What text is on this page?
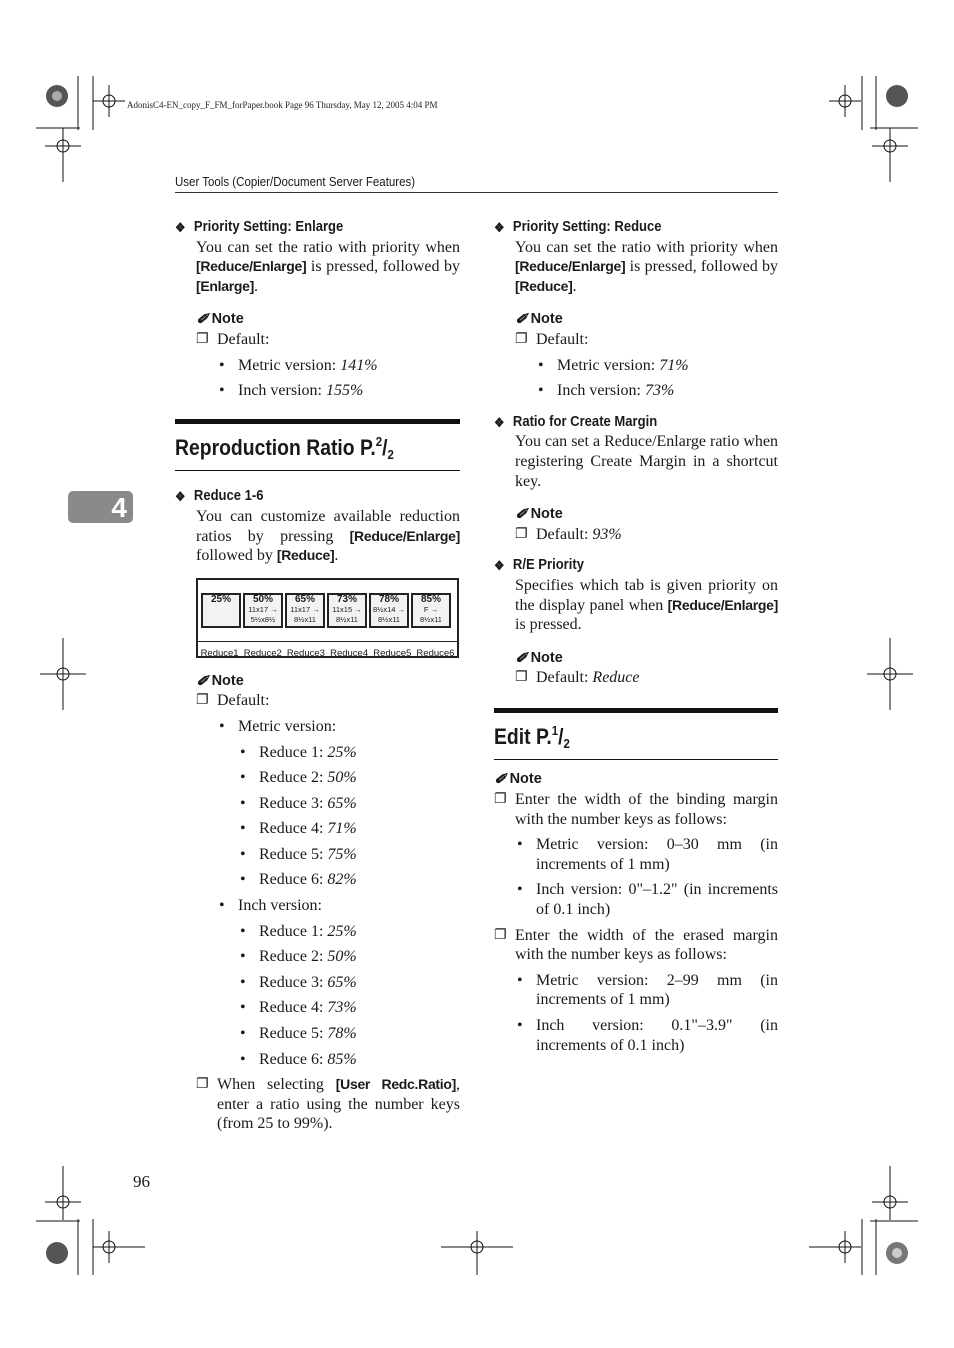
AdonisC4-EN_copy_F_FM_forPaper.book Page 96 Thursday, May 12, 2005 4:04 PM
User Tools (Copier/Document Server Features)
4
❖ Priority Setting: Enlarge
You can set the ratio with priority when [Reduce/Enlarge] is pressed, followed by [Enlarge].
✐ Note
❐ Default:
• Metric version: 141%
• Inch version: 155%
Reproduction Ratio $P.^2/_2$
❖ Reduce 1-6
You can customize available reduction ratios by pressing [Reduce/Enlarge] followed by [Reduce].
25%	50%
11x17 → 5½x8½
65%
11x17 → 8½x11
73%
11x15 → 8½x11
78%
8½x14 → 8½x11
85%
F → 8½x11
Reduce1 Reduce2 Reduce3 Reduce4 Reduce5 Reduce6
✐ Note
❐ Default:
• Metric version:
• Reduce 1: 25%
• Reduce 2: 50%
• Reduce 3: 65%
• Reduce 4: 71%
• Reduce 5: 75%
• Reduce 6: 82%
• Inch version:
• Reduce 1: 25%
• Reduce 2: 50%
• Reduce 3: 65%
• Reduce 4: 73%
• Reduce 5: 78%
• Reduce 6: 85%
❐ When selecting [User Redc.Ratio], enter a ratio using the number keys (from 25 to 99%).
❖ Priority Setting: Reduce
You can set the ratio with priority when [Reduce/Enlarge] is pressed, followed by [Reduce].
✐ Note
❐ Default:
• Metric version: 71%
• Inch version: 73%
❖ Ratio for Create Margin
You can set a Reduce/Enlarge ratio when registering Create Margin in a shortcut key.
✐ Note
❐ Default: 93%
❖ R/E Priority
Specifies which tab is given priority on the display panel when [Reduce/Enlarge] is pressed.
✐ Note
❐ Default: Reduce
Edit $P.^1/_2$
✐ Note
❐ Enter the width of the binding margin with the number keys as follows:
• Metric version: 0–30 mm (in increments of 1 mm)
• Inch version: 0"–1.2" (in increments of 0.1 inch)
❐ Enter the width of the erased margin with the number keys as follows:
• Metric version: 2–99 mm (in increments of 1 mm)
• Inch version: 0.1"–3.9" (in increments of 0.1 inch)
96
